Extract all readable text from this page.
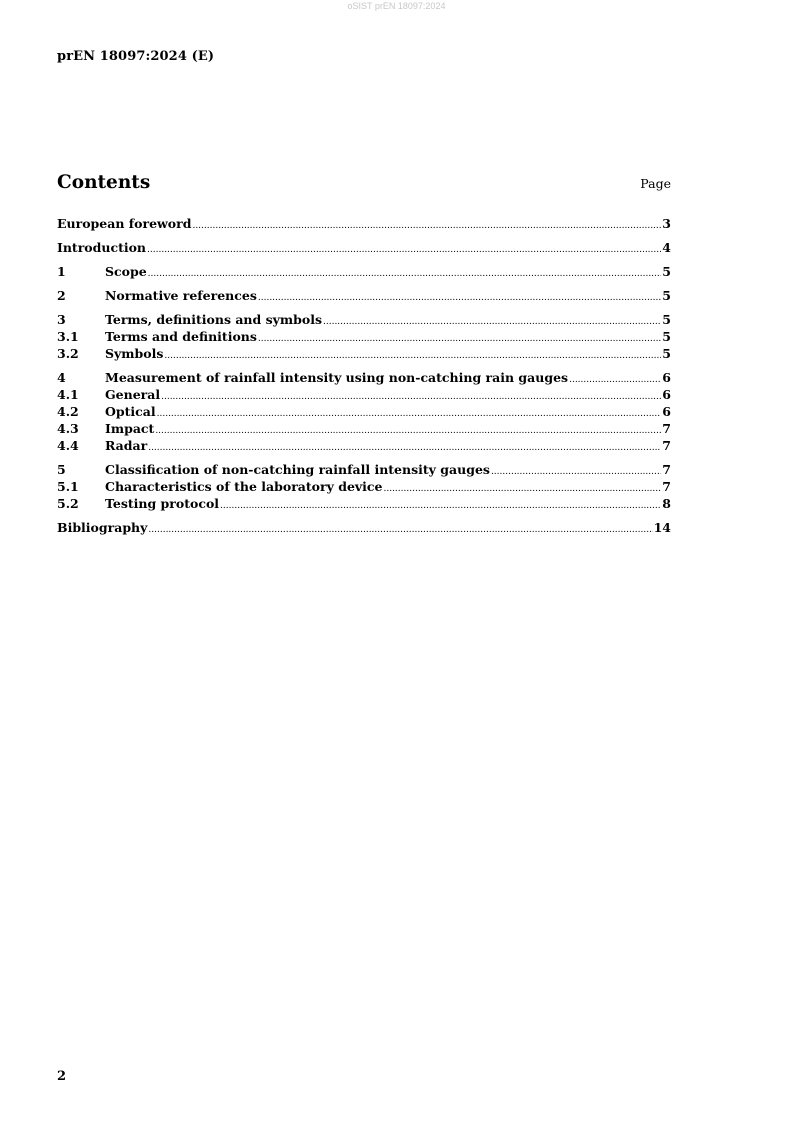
oSIST prEN 18097:2024
prEN 18097:2024 (E)
Contents	Page
European foreword .....	3
Introduction .....	4
1	Scope .....	5
2	Normative references .....	5
3	Terms, definitions and symbols .....	5
3.1	Terms and definitions .....	5
3.2	Symbols .....	5
4	Measurement of rainfall intensity using non-catching rain gauges .....	6
4.1	General .....	6
4.2	Optical .....	6
4.3	Impact .....	7
4.4	Radar .....	7
5	Classification of non-catching rainfall intensity gauges .....	7
5.1	Characteristics of the laboratory device .....	7
5.2	Testing protocol .....	8
Bibliography .....	14
2
